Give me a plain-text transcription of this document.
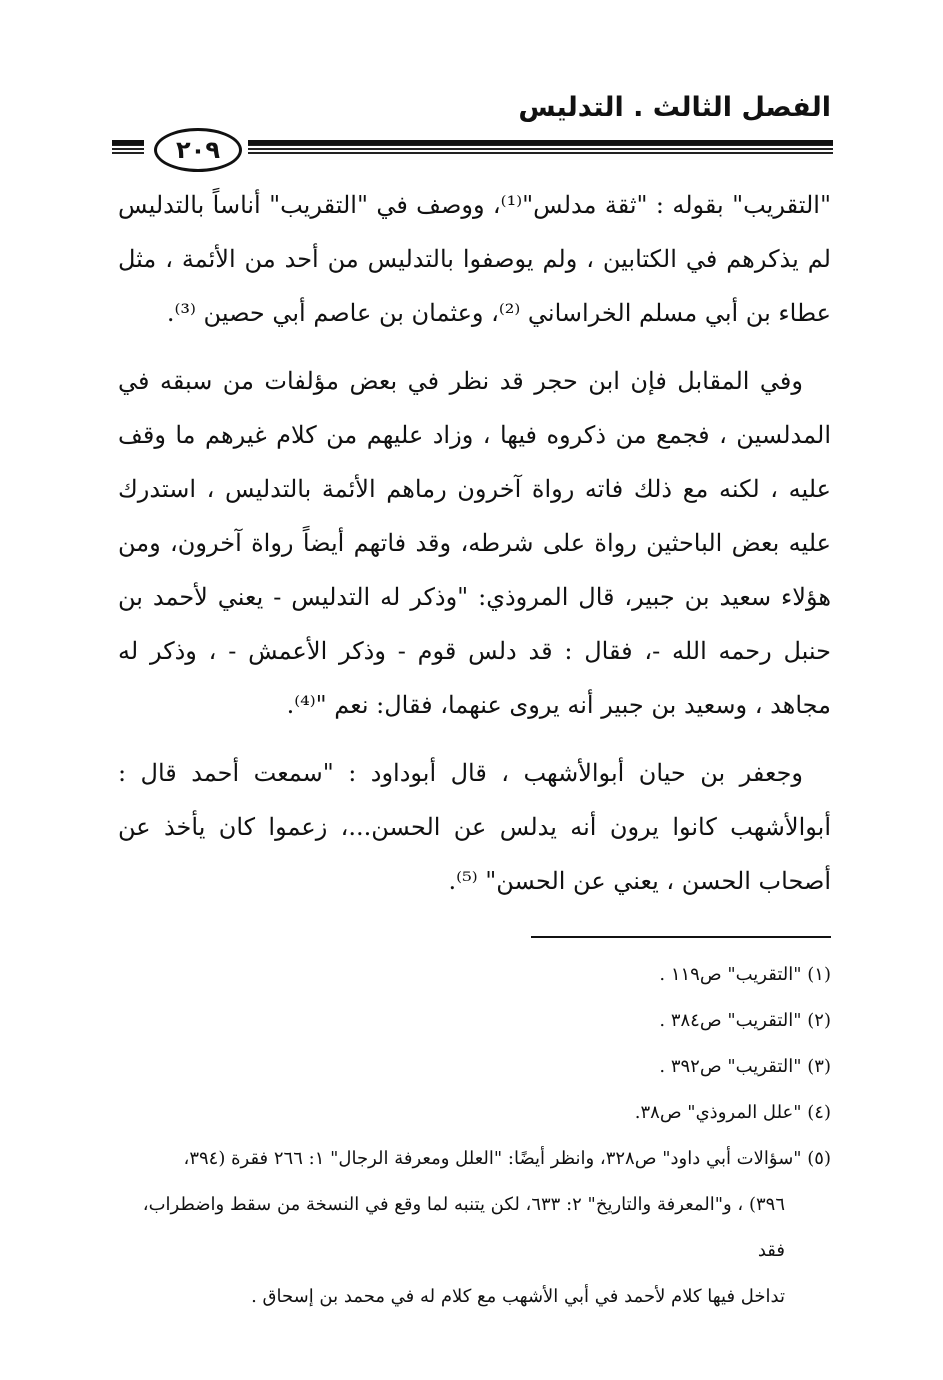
الفصل الثالث . التدليس
٢٠٩

"التقريب" بقوله : "ثقة مدلس"⁽¹⁾، ووصف في "التقريب" أناساً بالتدليس لم يذكرهم في الكتابين ، ولم يوصفوا بالتدليس من أحد من الأئمة ، مثل عطاء بن أبي مسلم الخراساني ⁽²⁾، وعثمان بن عاصم أبي حصين ⁽³⁾.

وفي المقابل فإن ابن حجر قد نظر في بعض مؤلفات من سبقه في المدلسين ، فجمع من ذكروه فيها ، وزاد عليهم من كلام غيرهم ما وقف عليه ، لكنه مع ذلك فاته رواة آخرون رماهم الأئمة بالتدليس ، استدرك عليه بعض الباحثين رواة على شرطه، وقد فاتهم أيضاً رواة آخرون، ومن هؤلاء سعيد بن جبير، قال المروذي: "وذكر له التدليس - يعني لأحمد بن حنبل رحمه الله -، فقال : قد دلس قوم - وذكر الأعمش - ، وذكر له مجاهد ، وسعيد بن جبير أنه يروى عنهما، فقال: نعم "⁽⁴⁾.

وجعفر بن حيان أبوالأشهب ، قال أبوداود : "سمعت أحمد قال : أبوالأشهب كانوا يرون أنه يدلس عن الحسن...، زعموا كان يأخذ عن أصحاب الحسن ، يعني عن الحسن" ⁽⁵⁾.

(١) "التقريب" ص١١٩ .

(٢) "التقريب" ص٣٨٤ .

(٣) "التقريب" ص٣٩٢ .

(٤) "علل المروذي" ص٣٨.

(٥) "سؤالات أبي داود" ص٣٢٨، وانظر أيضًا: "العلل ومعرفة الرجال" ١: ٢٦٦ فقرة (٣٩٤،

٣٩٦) ، و"المعرفة والتاريخ" ٢: ٦٣٣، لكن يتنبه لما وقع في النسخة من سقط واضطراب، فقد

تداخل فيها كلام لأحمد في أبي الأشهب مع كلام له في محمد بن إسحاق .
